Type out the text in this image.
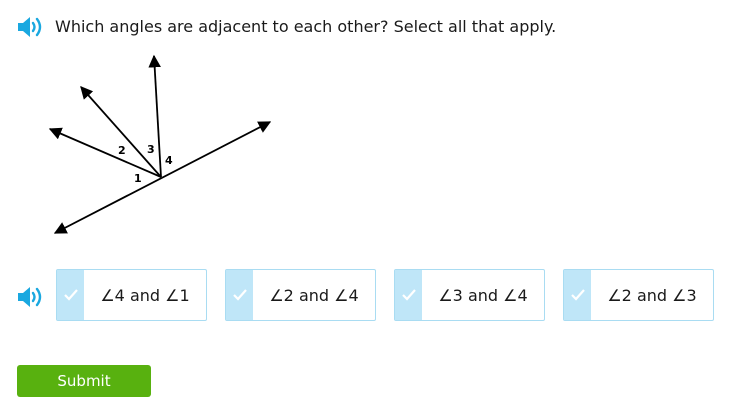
Which angles are adjacent to each other? Select all that apply.
1
2 3
4
∠4 and ∠1	∠2 and ∠4	∠3 and ∠4	∠2 and ∠3
Submit
